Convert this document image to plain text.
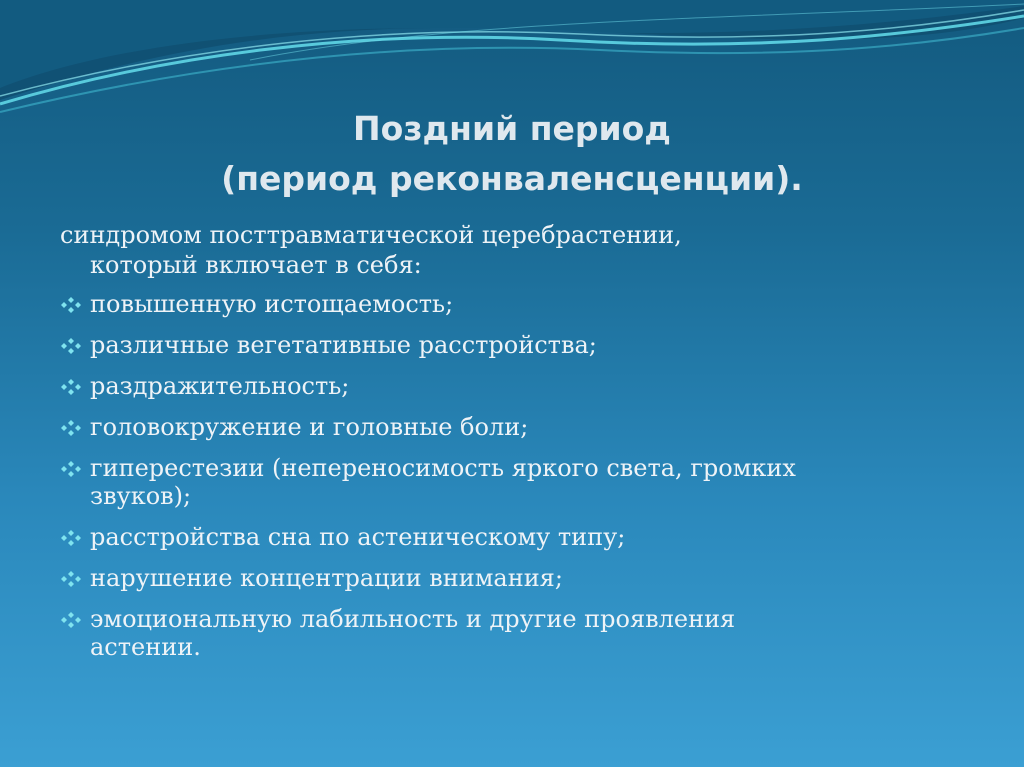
Поздний период
(период реконваленсценции).
синдромом посттравматической церебрастении,
который включает в себя:
повышенную истощаемость;
различные вегетативные расстройства;
раздражительность;
головокружение и головные боли;
гиперестезии (непереносимость яркого света, громких
звуков);
расстройства сна по астеническому типу;
нарушение концентрации внимания;
эмоциональную лабильность и другие проявления
астении.
